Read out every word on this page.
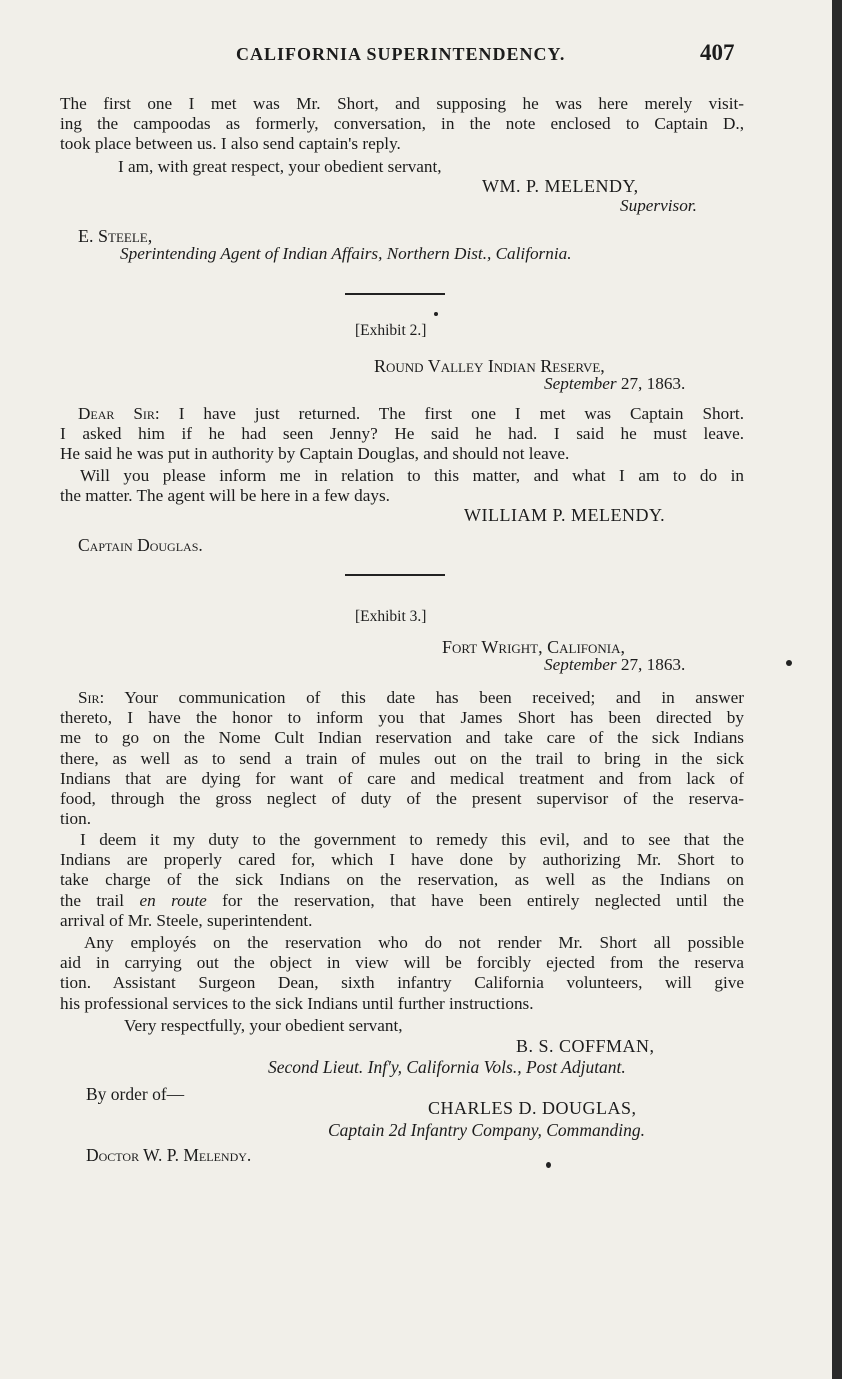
CALIFORNIA SUPERINTENDENCY.	407
The first one I met was Mr. Short, and supposing he was here merely visit-
ing the campoodas as formerly, conversation, in the note enclosed to Captain D.,
took place between us. I also send captain's reply.
I am, with great respect, your obedient servant,
WM. P. MELENDY,
Supervisor.
E. Steele,
Sperintending Agent of Indian Affairs, Northern Dist., California.
[Exhibit 2.]
Round Valley Indian Reserve,
September 27, 1863.
Dear Sir: I have just returned. The first one I met was Captain Short.
I asked him if he had seen Jenny? He said he had. I said he must leave.
He said he was put in authority by Captain Douglas, and should not leave.
Will you please inform me in relation to this matter, and what I am to do in
the matter. The agent will be here in a few days.
WILLIAM P. MELENDY.
Captain Douglas.
[Exhibit 3.]
Fort Wright, Califonia,
September 27, 1863.
Sir: Your communication of this date has been received; and in answer
thereto, I have the honor to inform you that James Short has been directed by
me to go on the Nome Cult Indian reservation and take care of the sick Indians
there, as well as to send a train of mules out on the trail to bring in the sick
Indians that are dying for want of care and medical treatment and from lack of
food, through the gross neglect of duty of the present supervisor of the reserva-
tion.
I deem it my duty to the government to remedy this evil, and to see that the
Indians are properly cared for, which I have done by authorizing Mr. Short to
take charge of the sick Indians on the reservation, as well as the Indians on
the trail en route for the reservation, that have been entirely neglected until the
arrival of Mr. Steele, superintendent.
Any employés on the reservation who do not render Mr. Short all possible
aid in carrying out the object in view will be forcibly ejected from the reserva
tion. Assistant Surgeon Dean, sixth infantry California volunteers, will give
his professional services to the sick Indians until further instructions.
Very respectfully, your obedient servant,
B. S. COFFMAN,
Second Lieut. Inf'y, California Vols., Post Adjutant.
By order of—
CHARLES D. DOUGLAS,
Captain 2d Infantry Company, Commanding.
Doctor W. P. Melendy.
